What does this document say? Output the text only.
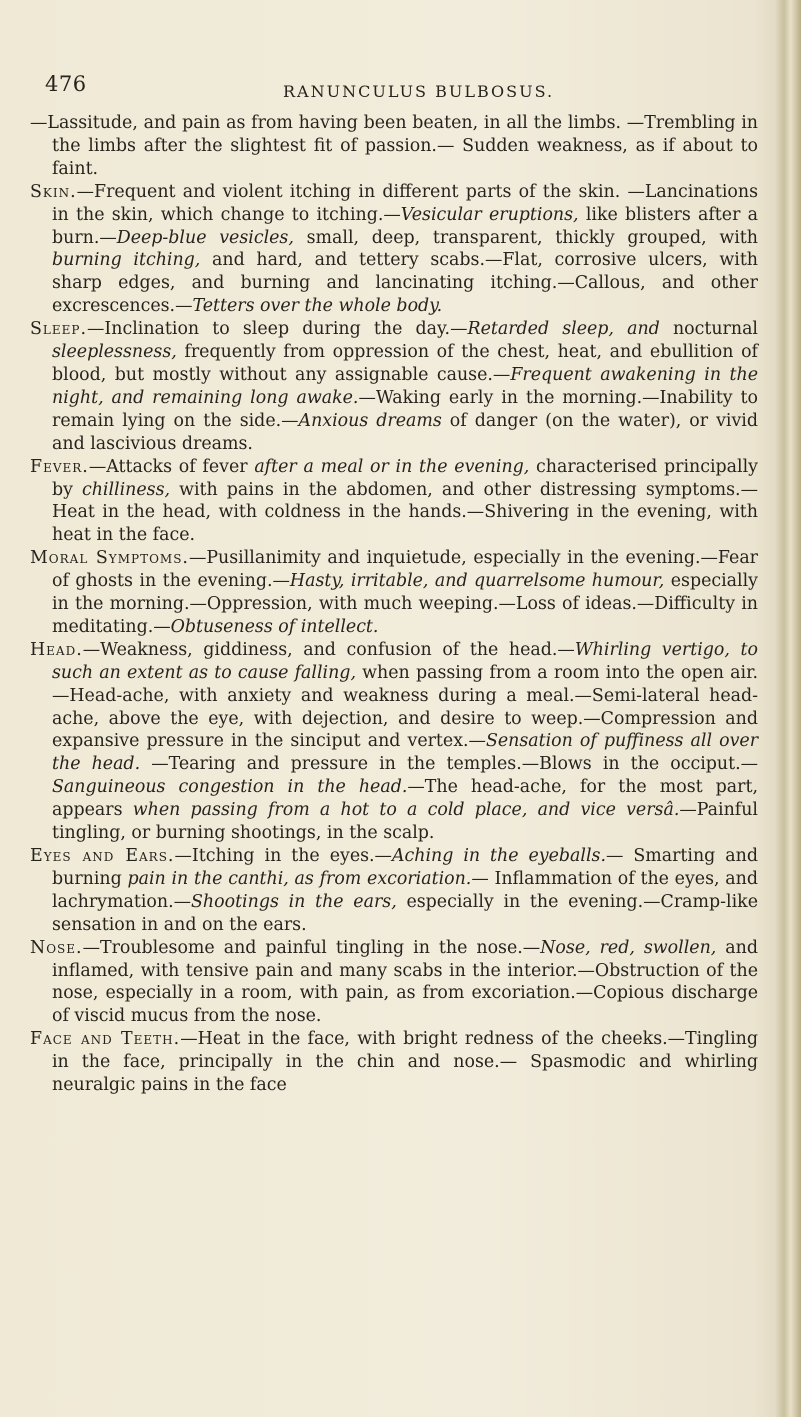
476	RANUNCULUS BULBOSUS.

—Lassitude, and pain as from having been beaten, in all the limbs. —Trembling in the limbs after the slightest fit of passion.— Sudden weakness, as if about to faint.

Skin.—Frequent and violent itching in different parts of the skin. —Lancinations in the skin, which change to itching.—Vesicular eruptions, like blisters after a burn.—Deep-blue vesicles, small, deep, transparent, thickly grouped, with burning itching, and hard, and tettery scabs.—Flat, corrosive ulcers, with sharp edges, and burning and lancinating itching.—Callous, and other excrescences.—Tetters over the whole body.

Sleep.—Inclination to sleep during the day.—Retarded sleep, and nocturnal sleeplessness, frequently from oppression of the chest, heat, and ebullition of blood, but mostly without any assignable cause.—Frequent awakening in the night, and remaining long awake.—Waking early in the morning.—Inability to remain lying on the side.—Anxious dreams of danger (on the water), or vivid and lascivious dreams.

Fever.—Attacks of fever after a meal or in the evening, characterised principally by chilliness, with pains in the abdomen, and other distressing symptoms.—Heat in the head, with coldness in the hands.—Shivering in the evening, with heat in the face.

Moral Symptoms.—Pusillanimity and inquietude, especially in the evening.—Fear of ghosts in the evening.—Hasty, irritable, and quarrelsome humour, especially in the morning.—Oppression, with much weeping.—Loss of ideas.—Difficulty in meditating.—Obtuseness of intellect.

Head.—Weakness, giddiness, and confusion of the head.—Whirling vertigo, to such an extent as to cause falling, when passing from a room into the open air.—Head-ache, with anxiety and weakness during a meal.—Semi-lateral head-ache, above the eye, with dejection, and desire to weep.—Compression and expansive pressure in the sinciput and vertex.—Sensation of puffiness all over the head. —Tearing and pressure in the temples.—Blows in the occiput.— Sanguineous congestion in the head.—The head-ache, for the most part, appears when passing from a hot to a cold place, and vice versâ.—Painful tingling, or burning shootings, in the scalp.

Eyes and Ears.—Itching in the eyes.—Aching in the eyeballs.— Smarting and burning pain in the canthi, as from excoriation.— Inflammation of the eyes, and lachrymation.—Shootings in the ears, especially in the evening.—Cramp-like sensation in and on the ears.

Nose.—Troublesome and painful tingling in the nose.—Nose, red, swollen, and inflamed, with tensive pain and many scabs in the interior.—Obstruction of the nose, especially in a room, with pain, as from excoriation.—Copious discharge of viscid mucus from the nose.

Face and Teeth.—Heat in the face, with bright redness of the cheeks.—Tingling in the face, principally in the chin and nose.— Spasmodic and whirling neuralgic pains in the face
